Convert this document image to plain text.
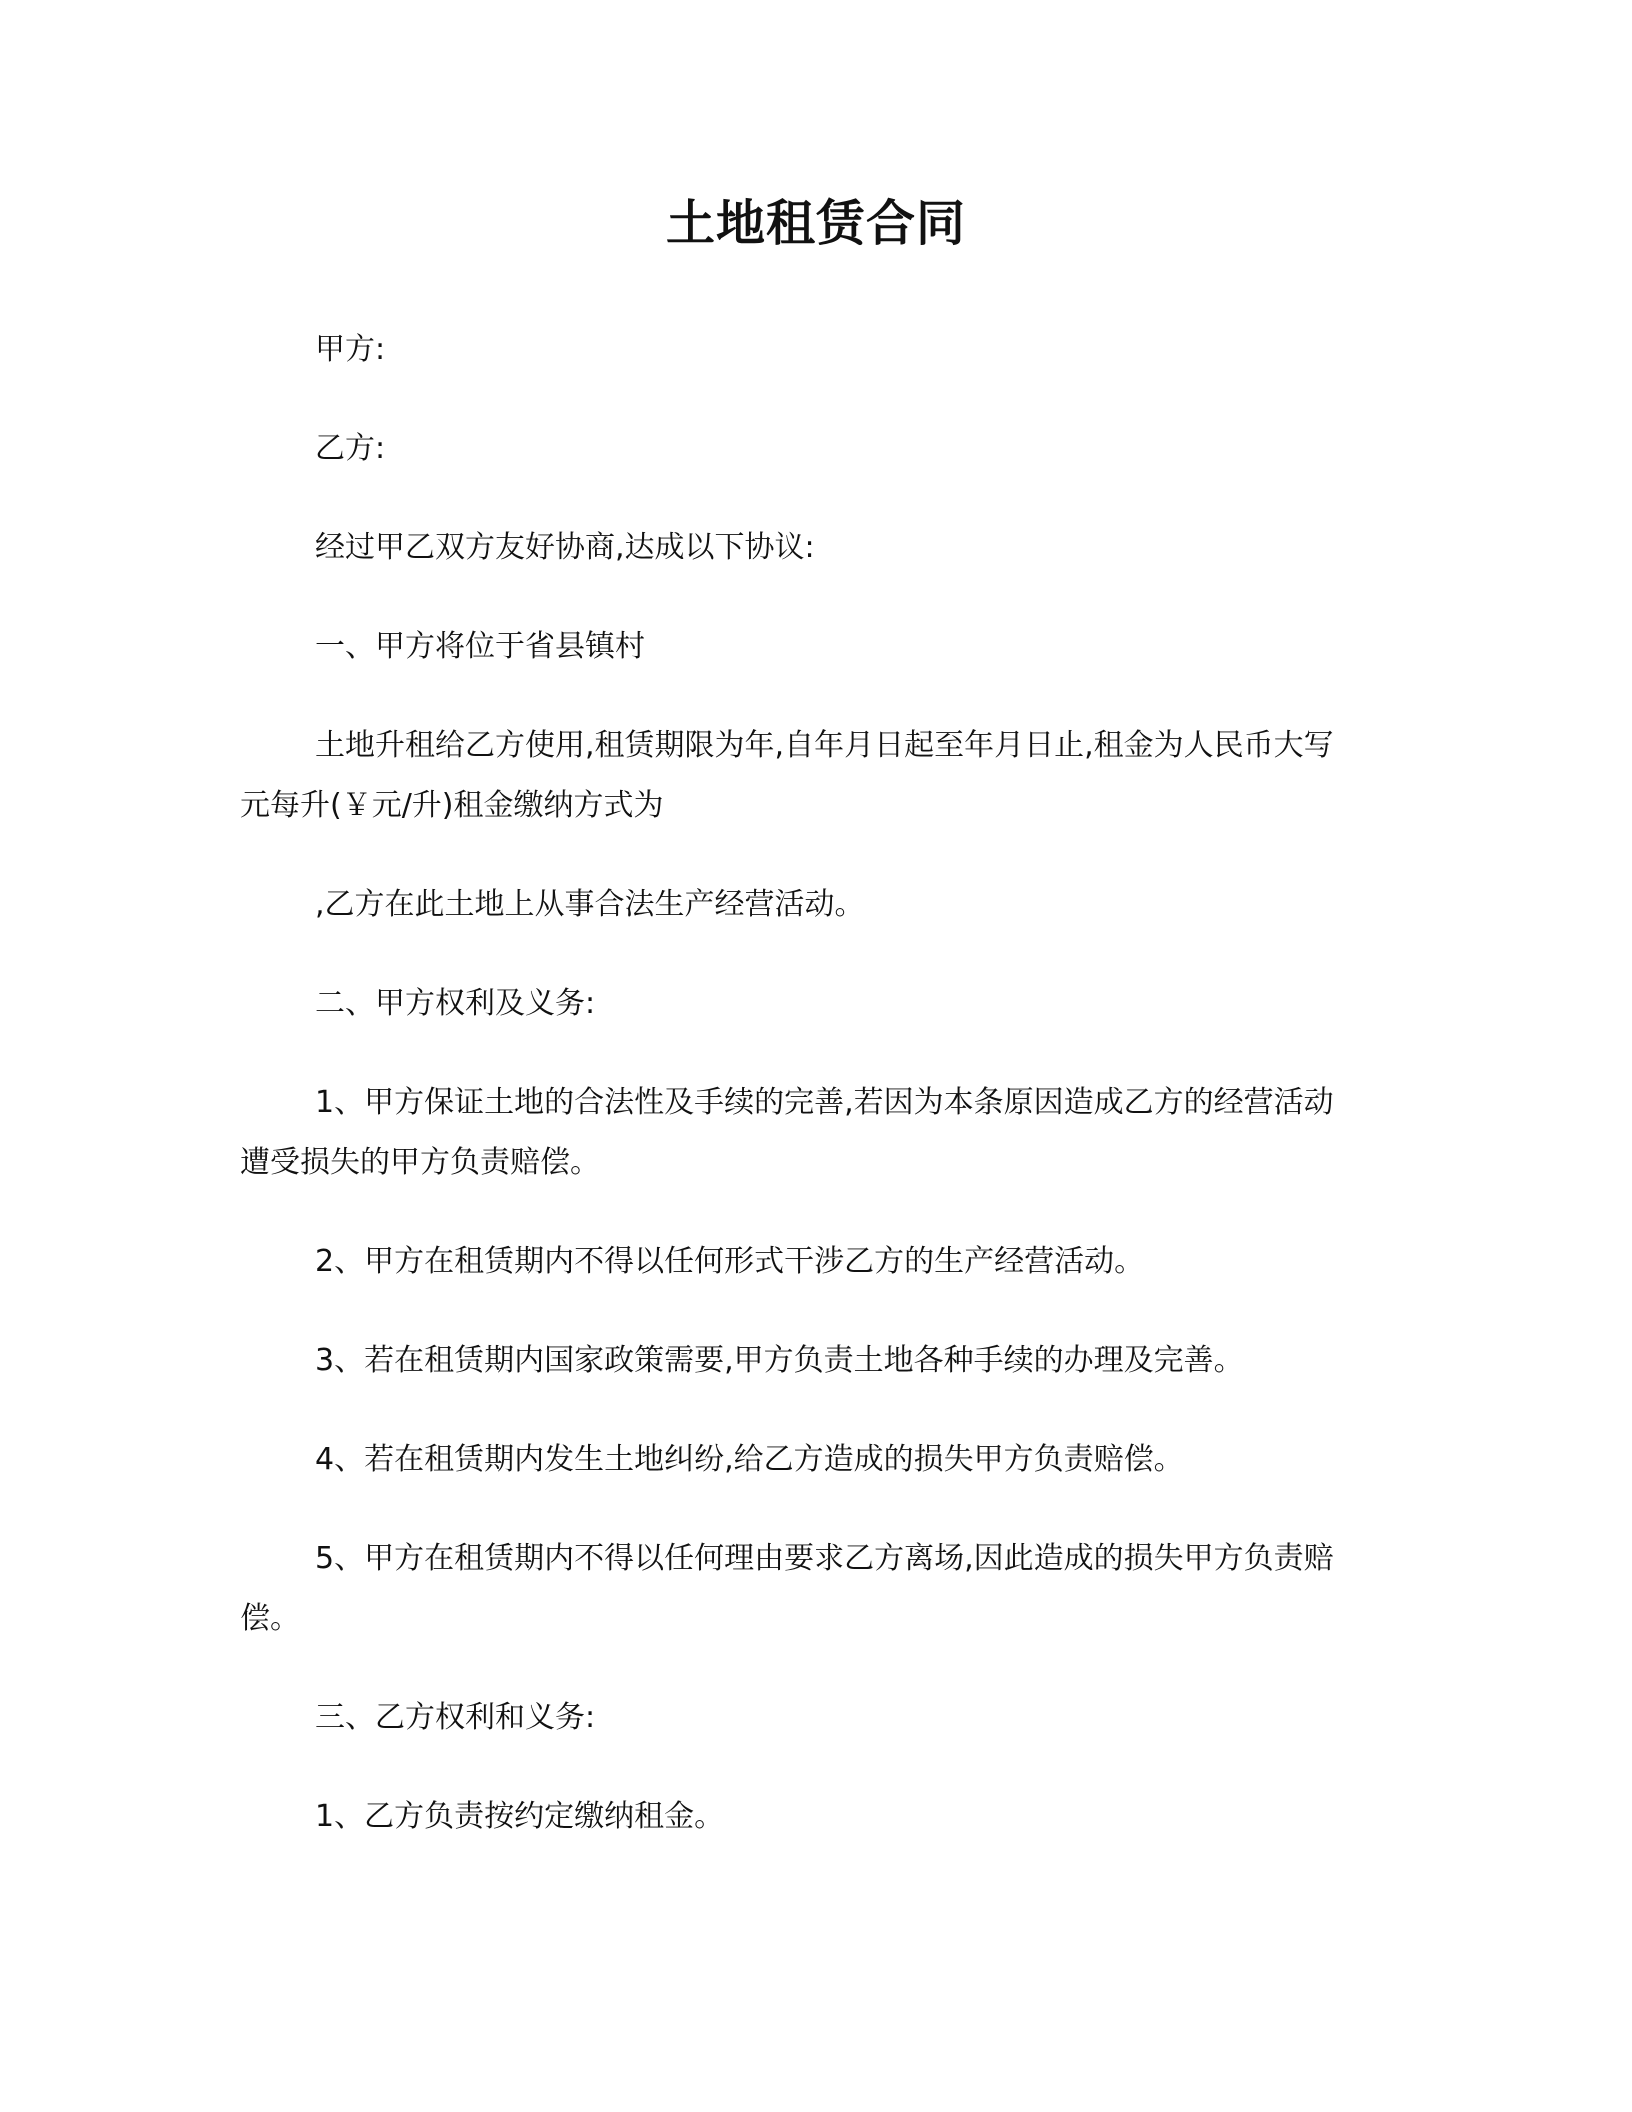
土地租赁合同

甲方:

乙方:

经过甲乙双方友好协商,达成以下协议:

一、甲方将位于省县镇村

土地升租给乙方使用,租赁期限为年,自年月日起至年月日止,租金为人民币大写元每升(￥元/升)租金缴纳方式为

,乙方在此土地上从事合法生产经营活动。

二、甲方权利及义务:

1、甲方保证土地的合法性及手续的完善,若因为本条原因造成乙方的经营活动遭受损失的甲方负责赔偿。

2、甲方在租赁期内不得以任何形式干涉乙方的生产经营活动。

3、若在租赁期内国家政策需要,甲方负责土地各种手续的办理及完善。

4、若在租赁期内发生土地纠纷,给乙方造成的损失甲方负责赔偿。

5、甲方在租赁期内不得以任何理由要求乙方离场,因此造成的损失甲方负责赔偿。

三、乙方权利和义务:

1、乙方负责按约定缴纳租金。
